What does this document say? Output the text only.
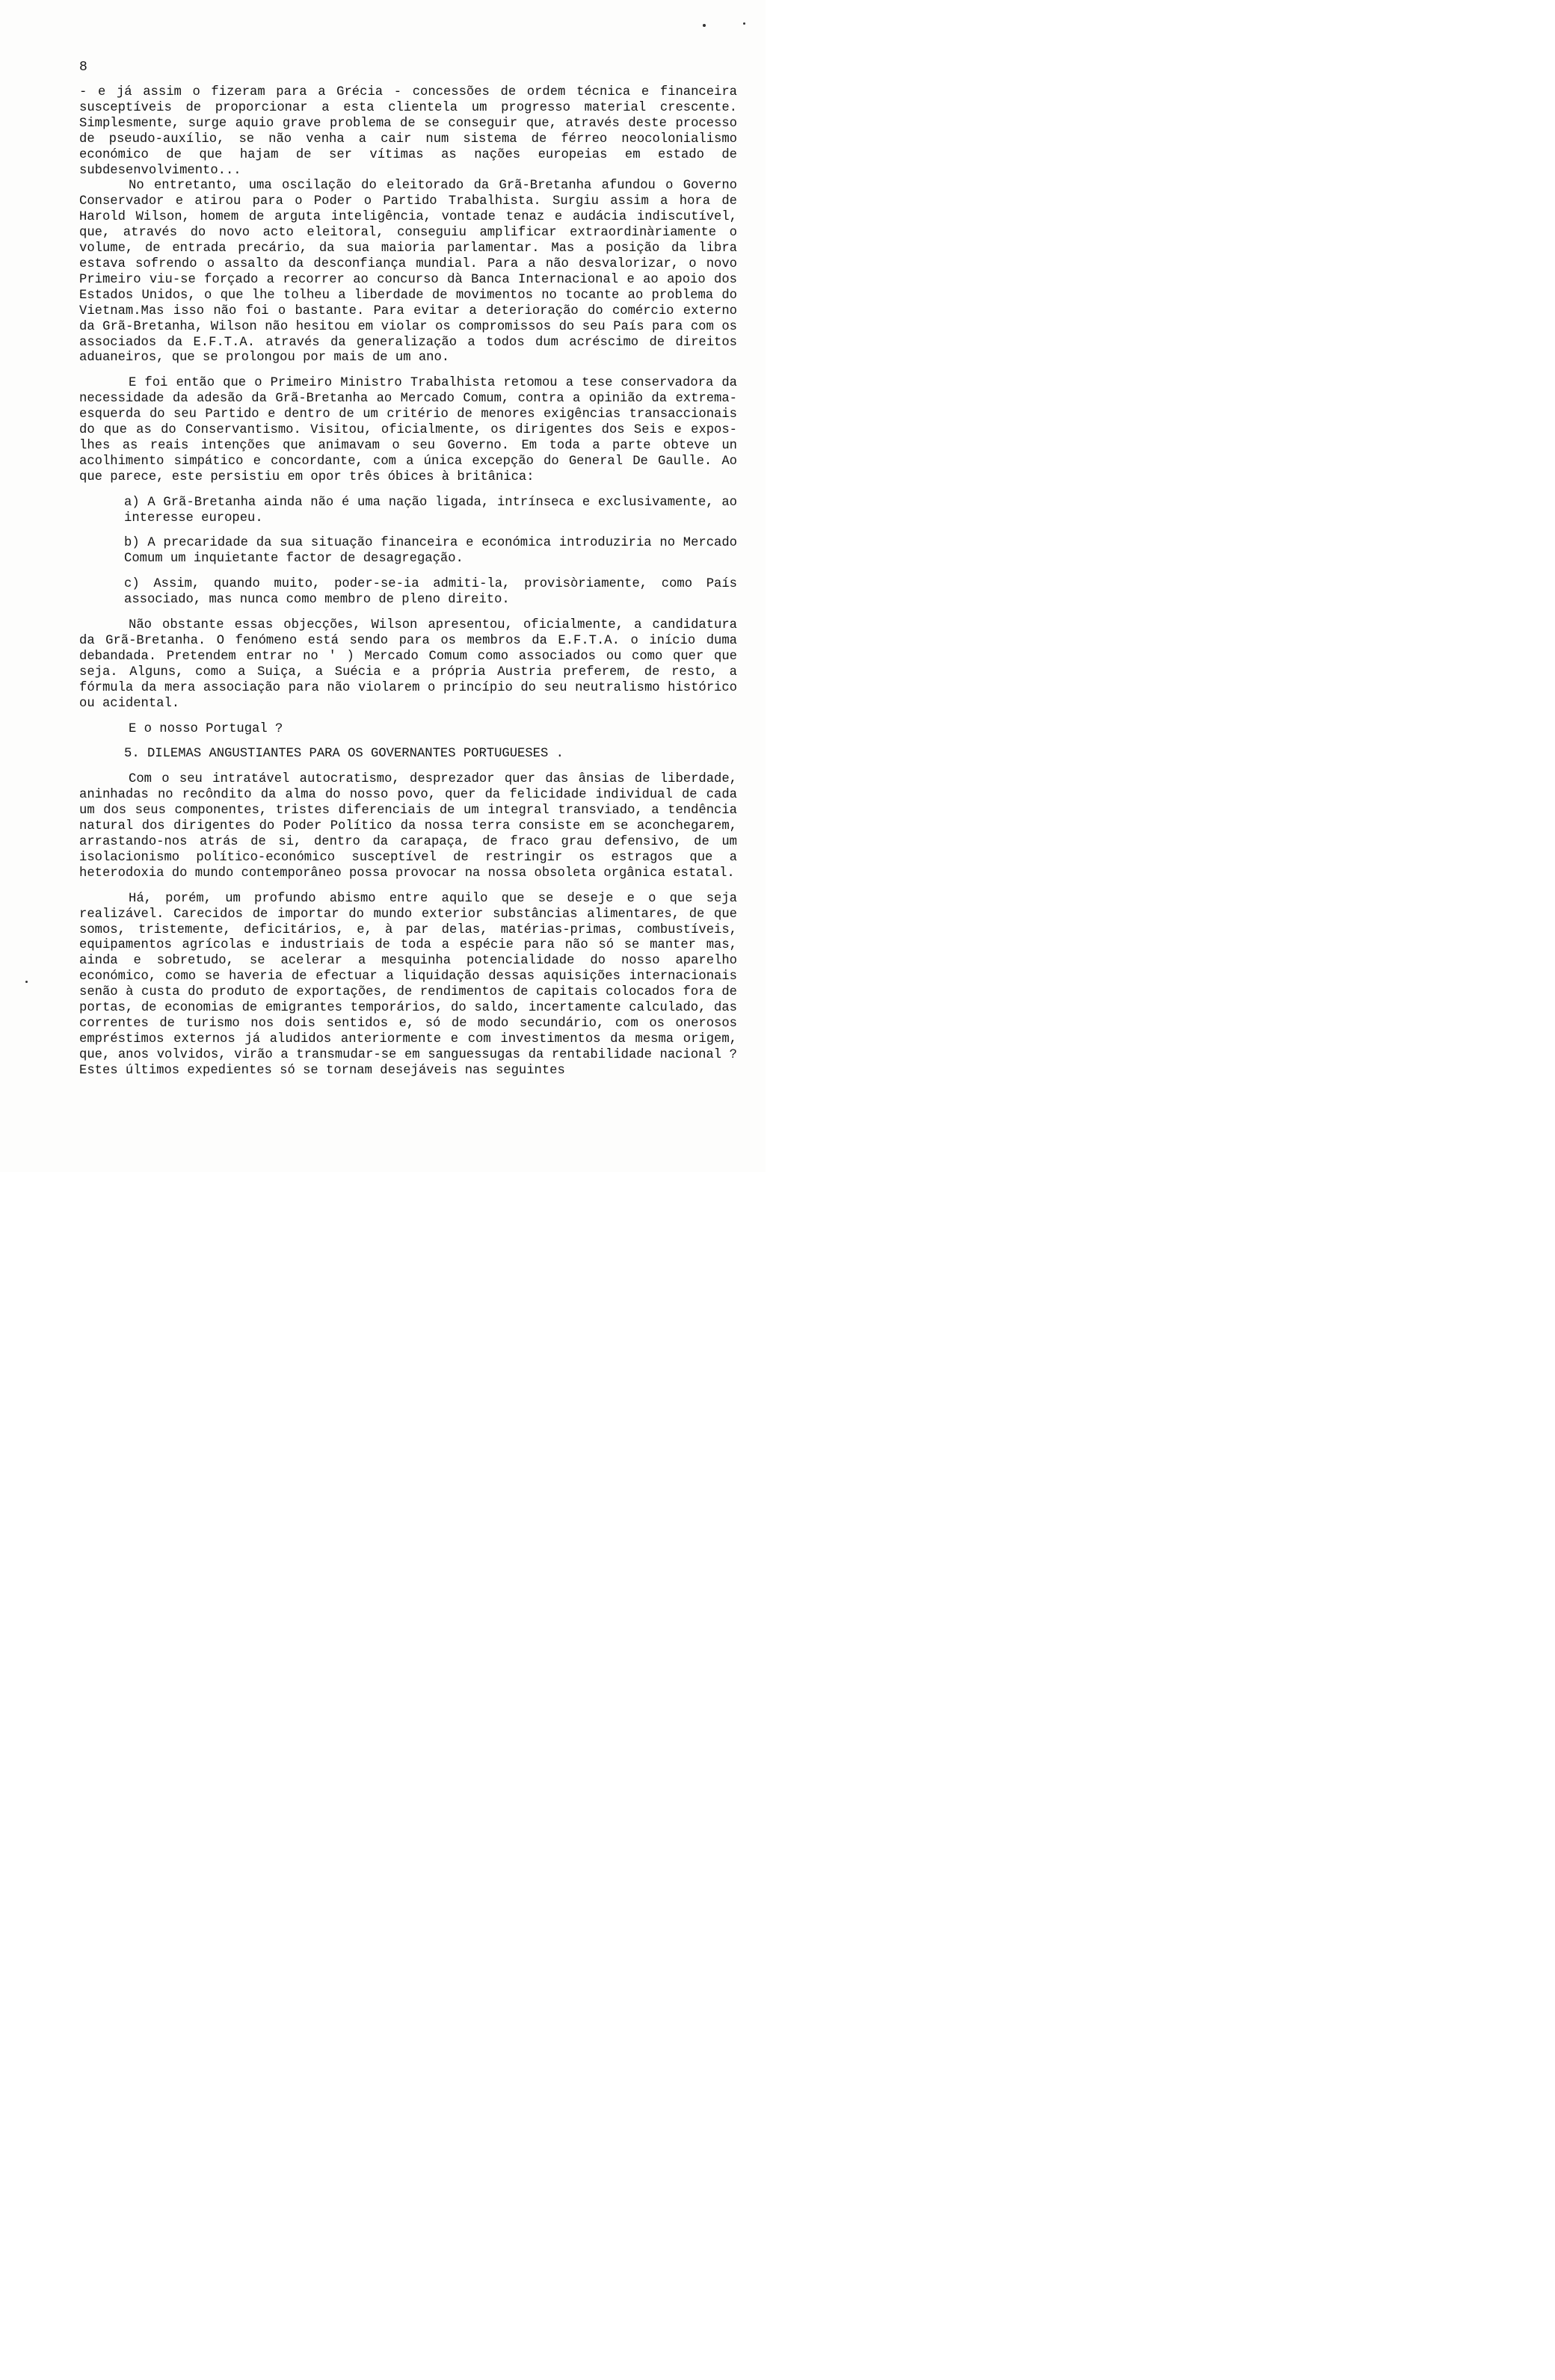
8

- e já assim o fizeram para a Grécia - concessões de ordem técnica e financeira susceptíveis de proporcionar a esta clientela um progresso material crescente. Simplesmente, surge aquio grave problema de se conseguir que, através deste processo de pseudo-auxílio, se não venha a cair num sistema de férreo neocolonialismo económico de que hajam de ser vítimas as nações europeias em estado de subdesenvolvimento...

No entretanto, uma oscilação do eleitorado da Grã-Bretanha afundou o Governo Conservador e atirou para o Poder o Partido Trabalhista. Surgiu assim a hora de Harold Wilson, homem de arguta inteligência, vontade tenaz e audácia indiscutível, que, através do novo acto eleitoral, conseguiu amplificar extraordinàriamente o volume, de entrada precário, da sua maioria parlamentar. Mas a posição da libra estava sofrendo o assalto da desconfiança mundial. Para a não desvalorizar, o novo Primeiro viu-se forçado a recorrer ao concurso dà Banca Internacional e ao apoio dos Estados Unidos, o que lhe tolheu a liberdade de movimentos no tocante ao problema do Vietnam.Mas isso não foi o bastante. Para evitar a deterioração do comércio externo da Grã-Bretanha, Wilson não hesitou em violar os compromissos do seu País para com os associados da E.F.T.A. através da generalização a todos dum acréscimo de direitos aduaneiros, que se prolongou por mais de um ano.

E foi então que o Primeiro Ministro Trabalhista retomou a tese conservadora da necessidade da adesão da Grã-Bretanha ao Mercado Comum, contra a opinião da extrema-esquerda do seu Partido e dentro de um critério de menores exigências transaccionais do que as do Conservantismo. Visitou, oficialmente, os dirigentes dos Seis e expos-lhes as reais intenções que animavam o seu Governo. Em toda a parte obteve un acolhimento simpático e concordante, com a única excepção do General De Gaulle. Ao que parece, este persistiu em opor três óbices à britânica:

a) A Grã-Bretanha ainda não é uma nação ligada, intrínseca e exclusivamente, ao interesse europeu.

b) A precaridade da sua situação financeira e económica introduziria no Mercado Comum um inquietante factor de desagregação.

c) Assim, quando muito, poder-se-ia admiti-la, provisòriamente, como País associado, mas nunca como membro de pleno direito.

Não obstante essas objecções, Wilson apresentou, oficialmente, a candidatura da Grã-Bretanha. O fenómeno está sendo para os membros da E.F.T.A. o início duma debandada. Pretendem entrar no ' ) Mercado Comum como associados ou como quer que seja. Alguns, como a Suiça, a Suécia e a própria Austria preferem, de resto, a fórmula da mera associação para não violarem o princípio do seu neutralismo histórico ou acidental.

E o nosso Portugal ?

5. DILEMAS ANGUSTIANTES PARA OS GOVERNANTES PORTUGUESES .

Com o seu intratável autocratismo, desprezador quer das ânsias de liberdade, aninhadas no recôndito da alma do nosso povo, quer da felicidade individual de cada um dos seus componentes, tristes diferenciais de um integral transviado, a tendência natural dos dirigentes do Poder Político da nossa terra consiste em se aconchegarem, arrastando-nos atrás de si, dentro da carapaça, de fraco grau defensivo, de um isolacionismo político-económico susceptível de restringir os estragos que a heterodoxia do mundo contemporâneo possa provocar na nossa obsoleta orgânica estatal.

Há, porém, um profundo abismo entre aquilo que se deseje e o que seja realizável. Carecidos de importar do mundo exterior substâncias alimentares, de que somos, tristemente, deficitários, e, à par delas, matérias-primas, combustíveis, equipamentos agrícolas e industriais de toda a espécie para não só se manter mas, ainda e sobretudo, se acelerar a mesquinha potencialidade do nosso aparelho económico, como se haveria de efectuar a liquidação dessas aquisições internacionais senão à custa do produto de exportações, de rendimentos de capitais colocados fora de portas, de economias de emigrantes temporários, do saldo, incertamente calculado, das correntes de turismo nos dois sentidos e, só de modo secundário, com os onerosos empréstimos externos já aludidos anteriormente e com investimentos da mesma origem, que, anos volvidos, virão a transmudar-se em sanguessugas da rentabilidade nacional ? Estes últimos expedientes só se tornam desejáveis nas seguintes
